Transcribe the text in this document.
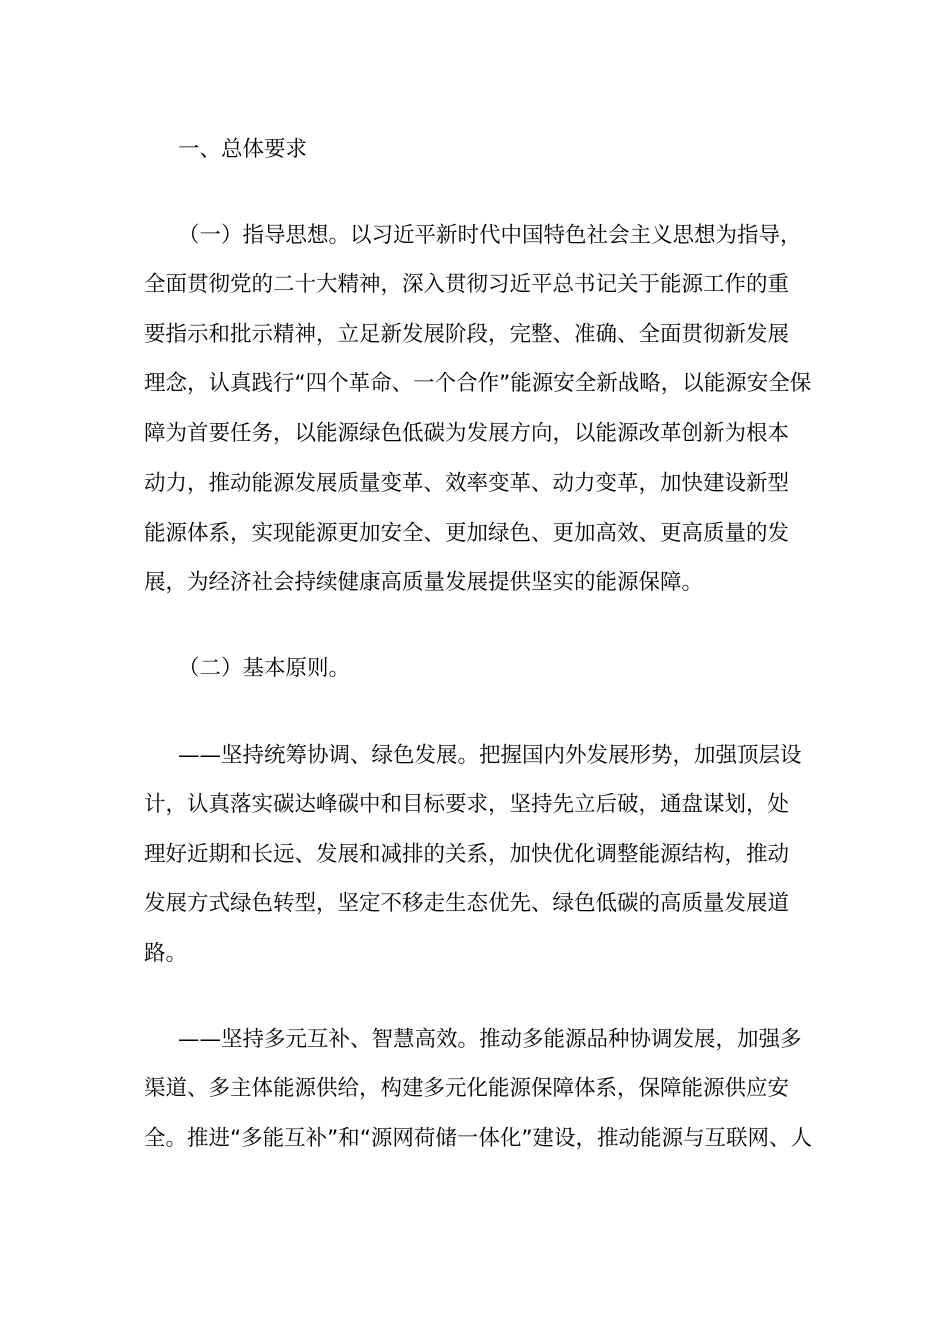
一、总体要求
（一）指导思想。以习近平新时代中国特色社会主义思想为指导，
全面贯彻党的二十大精神，深入贯彻习近平总书记关于能源工作的重
要指示和批示精神，立足新发展阶段，完整、准确、全面贯彻新发展
理念，认真践行“四个革命、一个合作”能源安全新战略，以能源安全保
障为首要任务，以能源绿色低碳为发展方向，以能源改革创新为根本
动力，推动能源发展质量变革、效率变革、动力变革，加快建设新型
能源体系，实现能源更加安全、更加绿色、更加高效、更高质量的发
展，为经济社会持续健康高质量发展提供坚实的能源保障。
（二）基本原则。
——坚持统筹协调、绿色发展。把握国内外发展形势，加强顶层设
计，认真落实碳达峰碳中和目标要求，坚持先立后破，通盘谋划，处
理好近期和长远、发展和减排的关系，加快优化调整能源结构，推动
发展方式绿色转型，坚定不移走生态优先、绿色低碳的高质量发展道
路。
——坚持多元互补、智慧高效。推动多能源品种协调发展，加强多
渠道、多主体能源供给，构建多元化能源保障体系，保障能源供应安
全。推进“多能互补”和“源网荷储一体化”建设，推动能源与互联网、人
